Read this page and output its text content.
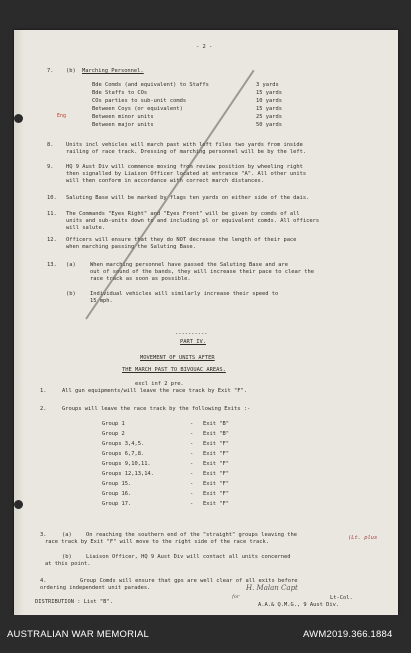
- 2 -
7. (b) Marching Personnel.
Bde Comds (and equivalent) to Staffs	3 yards
Bde Staffs to COs	15 yards
COs parties to sub-unit comds	10 yards
Between Coys (or equivalent)	15 yards
Between minor units	25 yards
Between major units	50 yards
Eng
8. Units incl vehicles will march past with left files two yards from inside
railing of race track. Dressing of marching personnel will be by the left.
9. HQ 9 Aust Div will commence moving from review position by wheeling right
then signalled by Liaison Officer located at entrance "A". All other units
will then conform in accordance with correct march distances.
10. Saluting Base will be marked by flags ten yards on either side of the dais.
11. The Commands "Eyes Right" and "Eyes Front" will be given by comds of all
units and sub-units down to and including pl or equivalent comds. All officers
will salute.
12. Officers will ensure that they do NOT decrease the length of their pace
when marching passing the Saluting Base.
13. (a)	When marching personnel have passed the Saluting Base and are
out of sound of the bands, they will increase their pace to clear the
race track as soon as possible.
(b)	Individual vehicles will similarly increase their speed to
15 mph.
----------
PART IV.
MOVEMENT OF UNITS AFTER
THE MARCH PAST TO BIVOUAC AREAS.
excl inf 2 pre.
1.	All gun equipments/will leave the race track by Exit "F".
2.	Groups will leave the race track by the following Exits :-
Group 1	- Exit "B"
Group 2	- Exit "B"
Groups 3,4,5.	- Exit "F"
Groups 6,7,8.	- Exit "F"
Groups 9,10,11.	- Exit "F"
Groups 12,13,14.	- Exit "F"
Group 15.	- Exit "F"
Group 16.	- Exit "F"
Group 17.	- Exit "F"
3.	(a)	On reaching the southern end of the "straight" groups leaving the
race track by Exit "F" will move to the right side of the race track.
(Lt. plus
(b)	Liaison Officer, HQ 9 Aust Div will contact all units concerned
at this point.
4.	Group Comds will ensure that gps are well clear of all exits before
ordering independent unit parades.
DISTRIBUTION : List "B".
H. Malan Capt
for	Lt-Col.
A.A.& Q.M.G., 9 Aust Div.
AUSTRALIAN WAR MEMORIAL	AWM2019.366.1884
